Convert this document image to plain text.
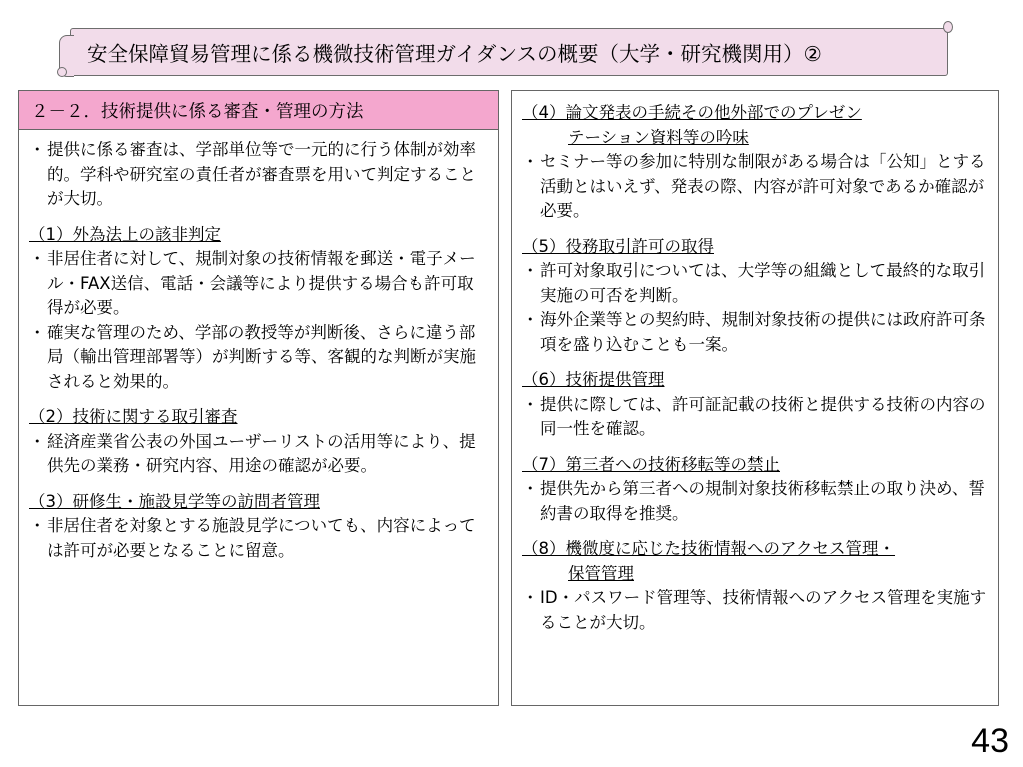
安全保障貿易管理に係る機微技術管理ガイダンスの概要（大学・研究機関用）②
２－２．技術提供に係る審査・管理の方法
・提供に係る審査は、学部単位等で一元的に行う体制が効率的。学科や研究室の責任者が審査票を用いて判定することが大切。
（1）外為法上の該非判定
・非居住者に対して、規制対象の技術情報を郵送・電子メール・FAX送信、電話・会議等により提供する場合も許可取得が必要。
・確実な管理のため、学部の教授等が判断後、さらに違う部局（輸出管理部署等）が判断する等、客観的な判断が実施されると効果的。
（2）技術に関する取引審査
・経済産業省公表の外国ユーザーリストの活用等により、提供先の業務・研究内容、用途の確認が必要。
（3）研修生・施設見学等の訪問者管理
・非居住者を対象とする施設見学についても、内容によっては許可が必要となることに留意。
（4）論文発表の手続その他外部でのプレゼン
テーション資料等の吟味
・セミナー等の参加に特別な制限がある場合は「公知」とする活動とはいえず、発表の際、内容が許可対象であるか確認が必要。
（5）役務取引許可の取得
・許可対象取引については、大学等の組織として最終的な取引実施の可否を判断。
・海外企業等との契約時、規制対象技術の提供には政府許可条項を盛り込むことも一案。
（6）技術提供管理
・提供に際しては、許可証記載の技術と提供する技術の内容の同一性を確認。
（7）第三者への技術移転等の禁止
・提供先から第三者への規制対象技術移転禁止の取り決め、誓約書の取得を推奨。
（8）機微度に応じた技術情報へのアクセス管理・
保管管理
・ID・パスワード管理等、技術情報へのアクセス管理を実施することが大切。
43
